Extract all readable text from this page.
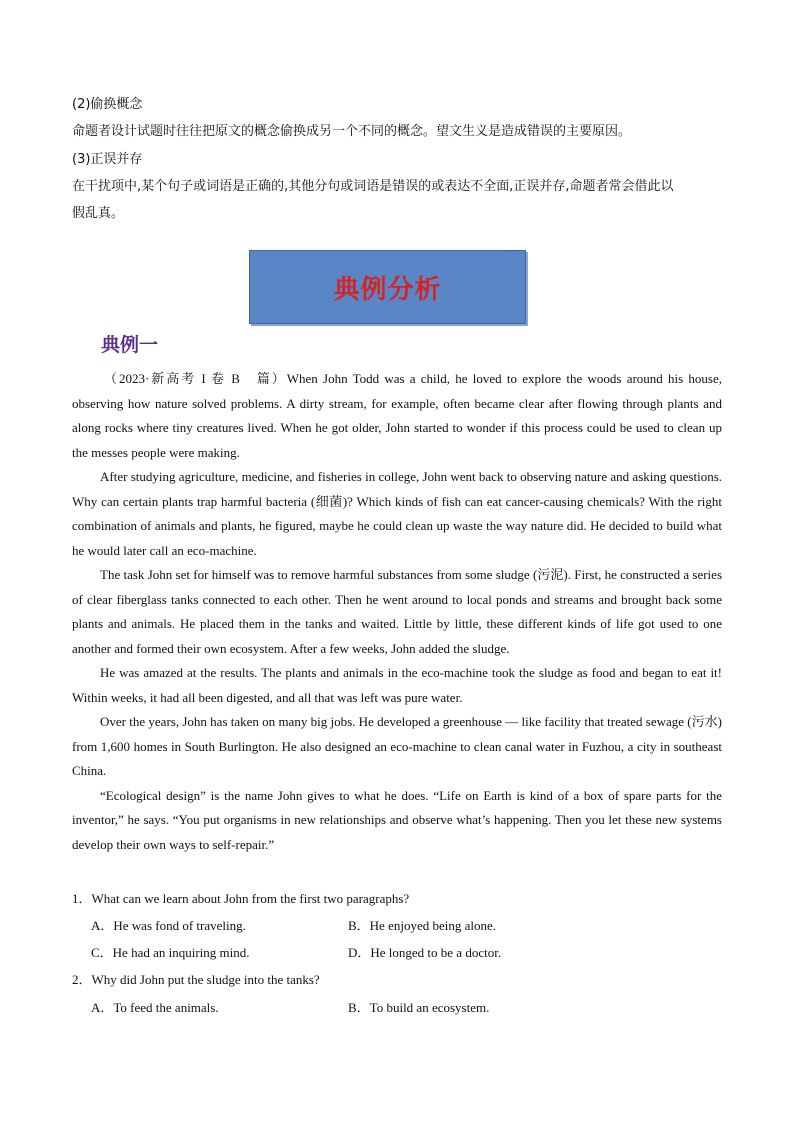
(2)偷换概念
命题者设计试题时往往把原文的概念偷换成另一个不同的概念。望文生义是造成错误的主要原因。
(3)正误并存
在干扰项中,某个句子或词语是正确的,其他分句或词语是错误的或表达不全面,正误并存,命题者常会借此以
假乱真。
典例分析
典例一

（2023·新高考 I 卷 B　篇）When John Todd was a child, he loved to explore the woods around his house, observing how nature solved problems. A dirty stream, for example, often became clear after flowing through plants and along rocks where tiny creatures lived. When he got older, John started to wonder if this process could be used to clean up the messes people were making.

After studying agriculture, medicine, and fisheries in college, John went back to observing nature and asking questions. Why can certain plants trap harmful bacteria (细菌)? Which kinds of fish can eat cancer-causing chemicals? With the right combination of animals and plants, he figured, maybe he could clean up waste the way nature did. He decided to build what he would later call an eco-machine.

The task John set for himself was to remove harmful substances from some sludge (污泥). First, he constructed a series of clear fiberglass tanks connected to each other. Then he went around to local ponds and streams and brought back some plants and animals. He placed them in the tanks and waited. Little by little, these different kinds of life got used to one another and formed their own ecosystem. After a few weeks, John added the sludge.

He was amazed at the results. The plants and animals in the eco-machine took the sludge as food and began to eat it! Within weeks, it had all been digested, and all that was left was pure water.

Over the years, John has taken on many big jobs. He developed a greenhouse — like facility that treated sewage (污水) from 1,600 homes in South Burlington. He also designed an eco-machine to clean canal water in Fuzhou, a city in southeast China.

“Ecological design” is the name John gives to what he does. “Life on Earth is kind of a box of spare parts for the inventor,” he says. “You put organisms in new relationships and observe what’s happening. Then you let these new systems develop their own ways to self-repair.”

1．What can we learn about John from the first two paragraphs?
A．He was fond of traveling.	B．He enjoyed being alone.
C．He had an inquiring mind.	D．He longed to be a doctor.
2．Why did John put the sludge into the tanks?
A．To feed the animals.	B．To build an ecosystem.
